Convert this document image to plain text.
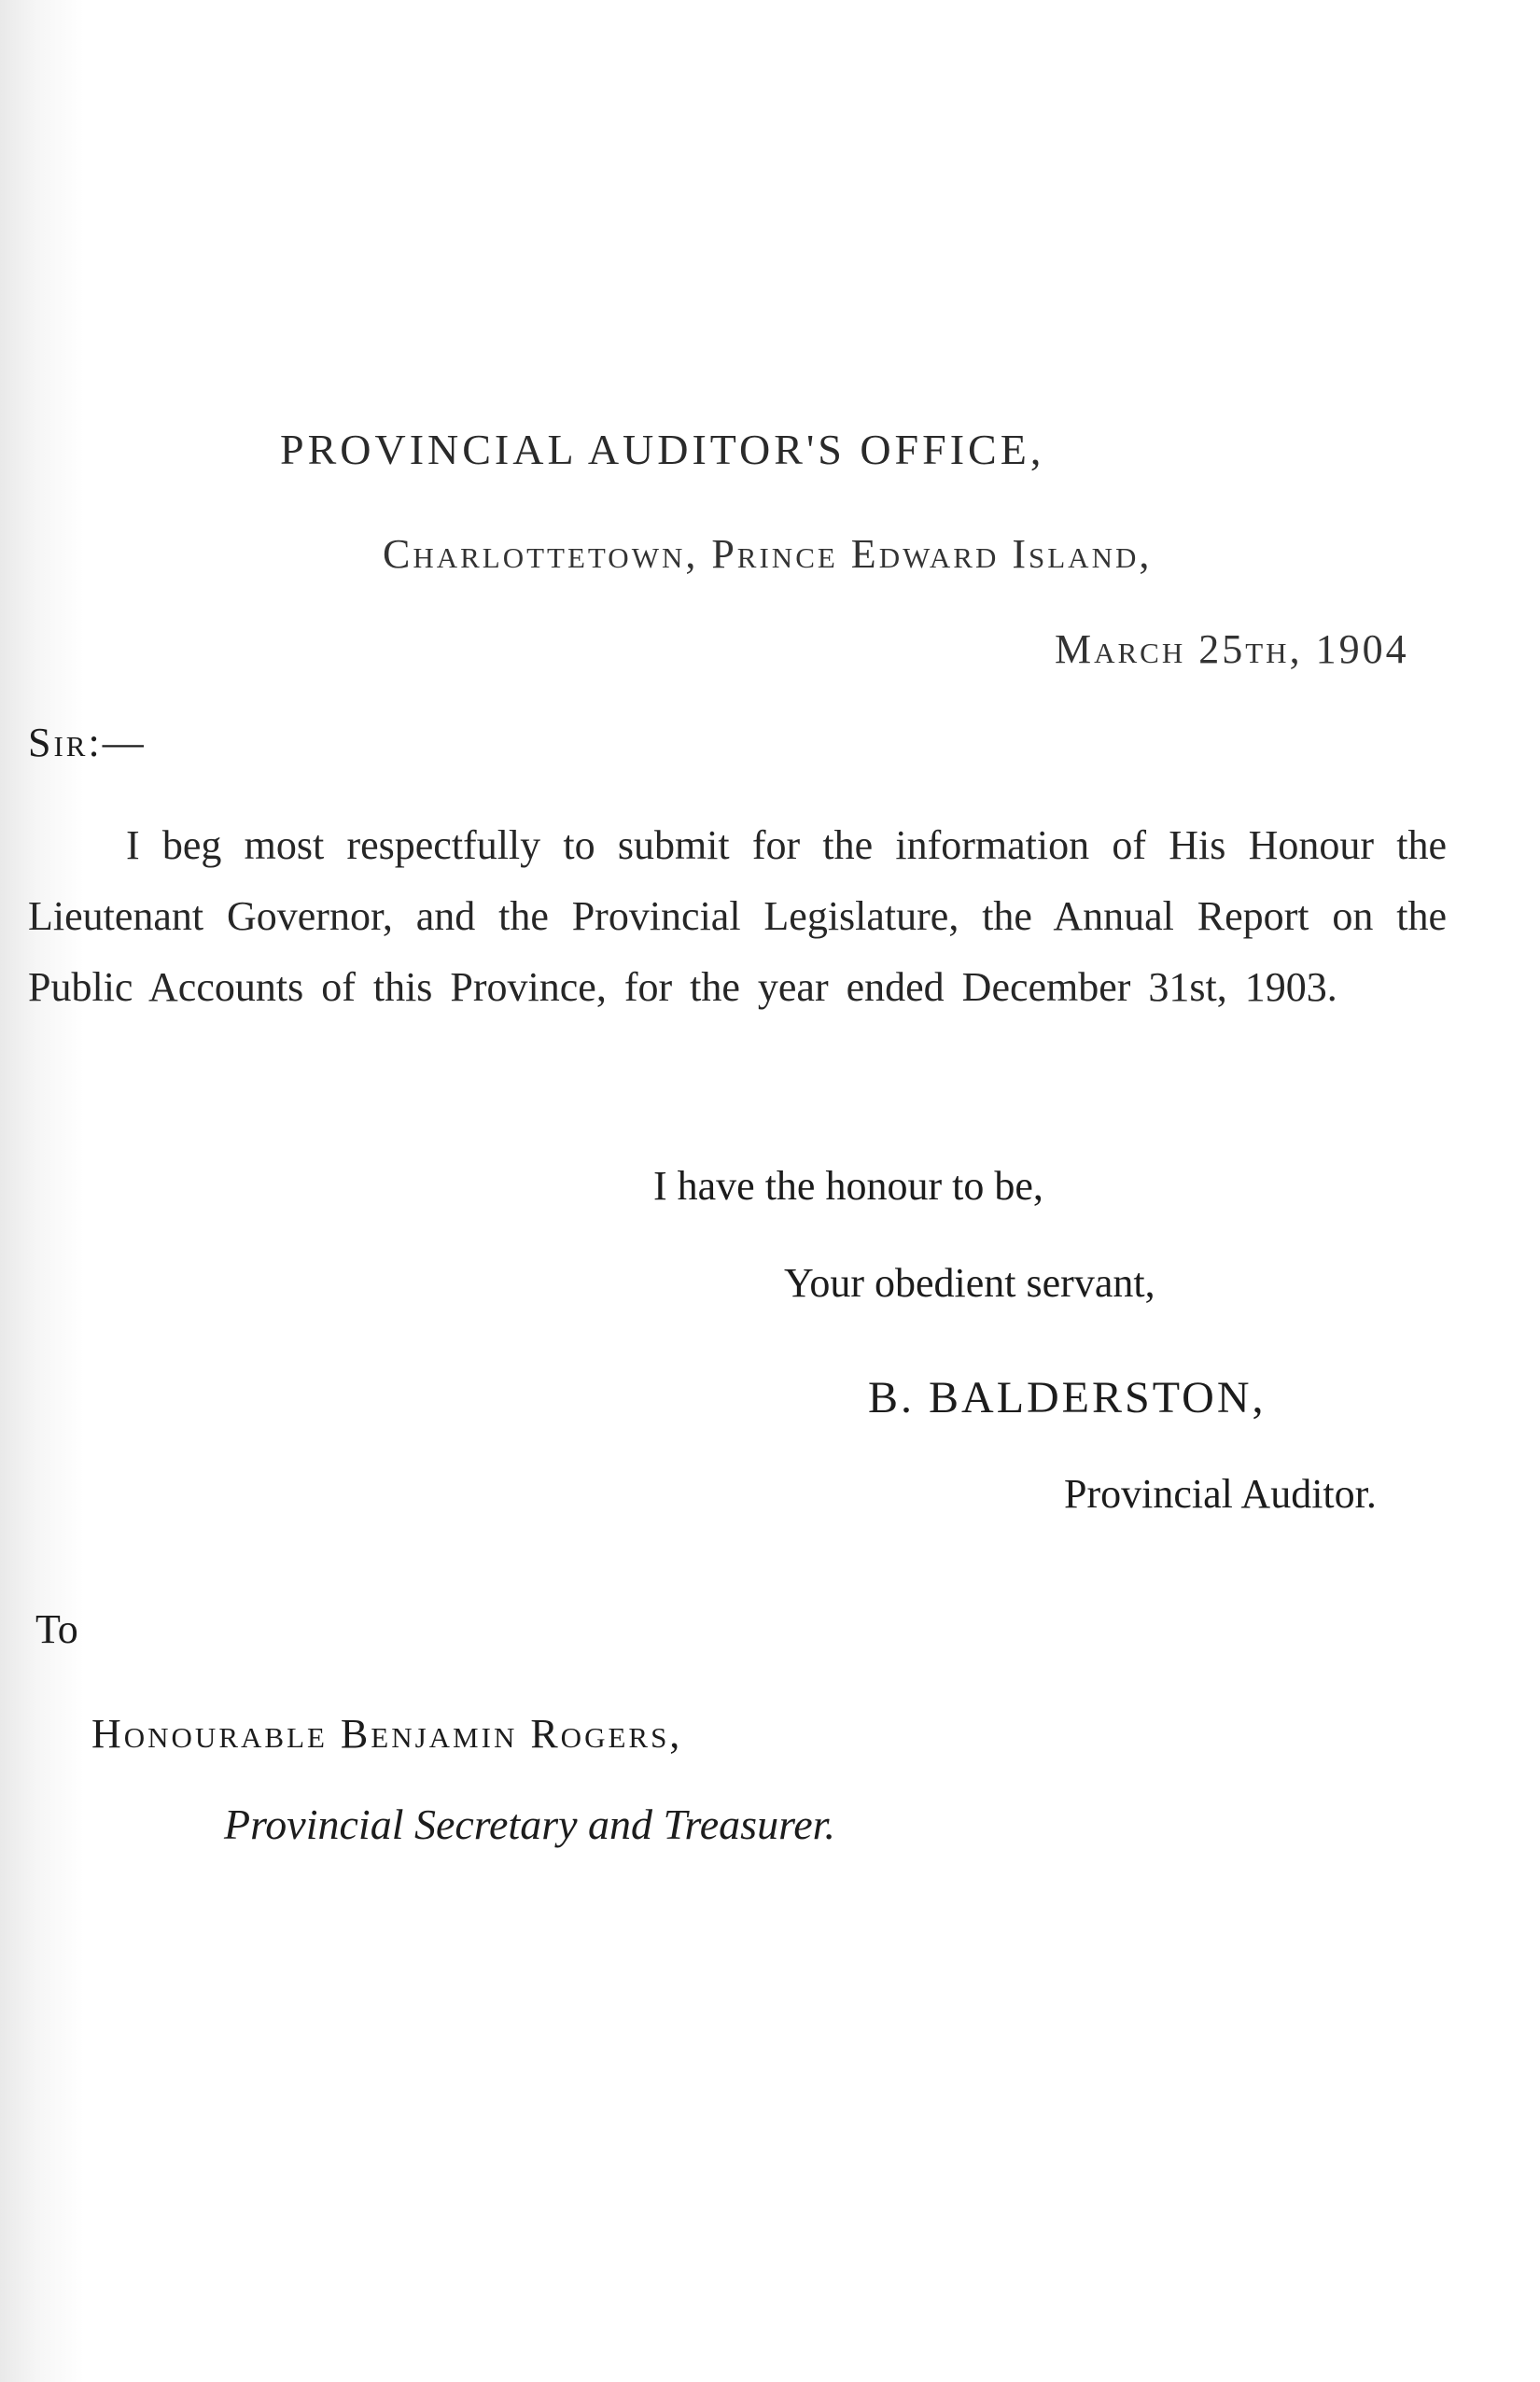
PROVINCIAL AUDITOR'S OFFICE,

Charlottetown, Prince Edward Island,

March 25th, 1904

Sir:—

I beg most respectfully to submit for the information of His Honour the Lieutenant Governor, and the Provincial Legislature, the Annual Report on the Public Accounts of this Province, for the year ended December 31st, 1903.

I have the honour to be,

Your obedient servant,

B. BALDERSTON,

Provincial Auditor.

To

Honourable Benjamin Rogers,

Provincial Secretary and Treasurer.
